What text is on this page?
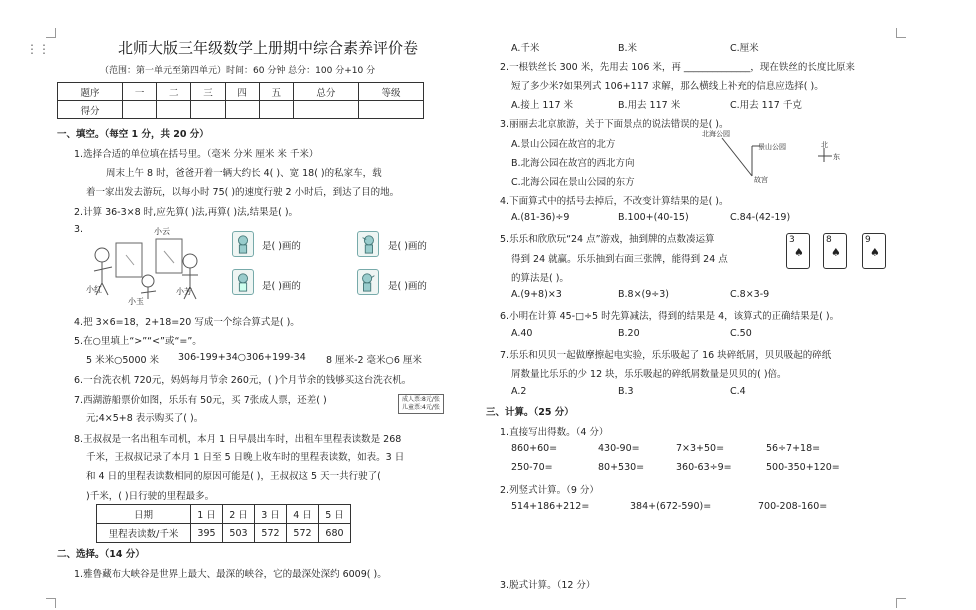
⋮⋮	北师大版三年级数学上册期中综合素养评价卷
（范围：第一单元至第四单元）时间：60 分钟 总分：100 分+10 分
题序	一	二	三	四	五	总分	等级
得分							
一、填空。（每空 1 分，共 20 分）
1.选择合适的单位填在括号里。（毫米 分米 厘米 米 千米）
周末上午 8 时，爸爸开着一辆大约长 4( )、宽 18( )的私家车，载
着一家出发去游玩，以每小时 75( )的速度行驶 2 小时后，到达了目的地。
2.计算 36-3×8 时,应先算( )法,再算( )法,结果是( )。
3.	小云
小红
小玉
小芳
是( )画的	是( )画的
是( )画的	是( )画的
4.把 3×6=18，2+18=20 写成一个综合算式是( )。
5.在○里填上“>”“<”或“=”。
5 米米○5000 米 306-199+34○306+199-34 8 厘米-2 毫米○6 厘米
6.一台洗衣机 720元，妈妈每月节余 260元，( )个月节余的钱够买这台洗衣机。
7.西湖游船票价如图，乐乐有 50元，买 7张成人票，还差( )
元;4×5+8 表示购买了( )。
成人票:8元/张
儿童票:4元/张
8.王叔叔是一名出租车司机，本月 1 日早晨出车时，出租车里程表读数是 268
千米，王叔叔记录了本月 1 日至 5 日晚上收车时的里程表读数，如表。3 日
和 4 日的里程表读数相同的原因可能是( )，王叔叔这 5 天一共行驶了(
)千米，( )日行驶的里程最多。
日期	1 日	2 日	3 日	4 日	5 日
里程表读数/千米	395	503	572	572	680
二、选择。（14 分）
1.雅鲁藏布大峡谷是世界上最大、最深的峡谷，它的最深处深约 6009( )。
A.千米	B.米	C.厘米
2.一根铁丝长 300 米，先用去 106 米，再 ______________，现在铁丝的长度比原来
短了多少米?如果列式 106+117 求解，那么横线上补充的信息应选择( )。
A.接上 117 米	B.用去 117 米	C.用去 117 千克
3.丽丽去北京旅游，关于下面景点的说法错误的是( )。
A.景山公园在故宫的北方
B.北海公园在故宫的西北方向
C.北海公园在景山公园的东方
北海公园
景山公园
故宫
北
东
4.下面算式中的括号去掉后，不改变计算结果的是( )。
A.(81-36)÷9	B.100+(40-15)	C.84-(42-19)
5.乐乐和欣欣玩“24 点”游戏，抽到牌的点数凑运算
得到 24 就赢。乐乐抽到右面三张牌，能得到 24 点
的算法是( )。
3
♠
8
♠
9
♠
A.(9+8)×3	B.8×(9÷3)	C.8×3-9
6.小明在计算 45-□÷5 时先算减法，得到的结果是 4，该算式的正确结果是( )。
A.40	B.20	C.50
7.乐乐和贝贝一起做摩擦起电实验，乐乐吸起了 16 块碎纸屑，贝贝吸起的碎纸
屑数量比乐乐的少 12 块，乐乐吸起的碎纸屑数量是贝贝的( )倍。
A.2	B.3	C.4
三、计算。（25 分）
1.直接写出得数。（4 分）
860+60=	430-90=	7×3+50=	56÷7+18=
250-70=	80+530=	360-63÷9=	500-350+120=
2.列竖式计算。（9 分）
514+186+212=	384+(672-590)=	700-208-160=
3.脱式计算。（12 分）
